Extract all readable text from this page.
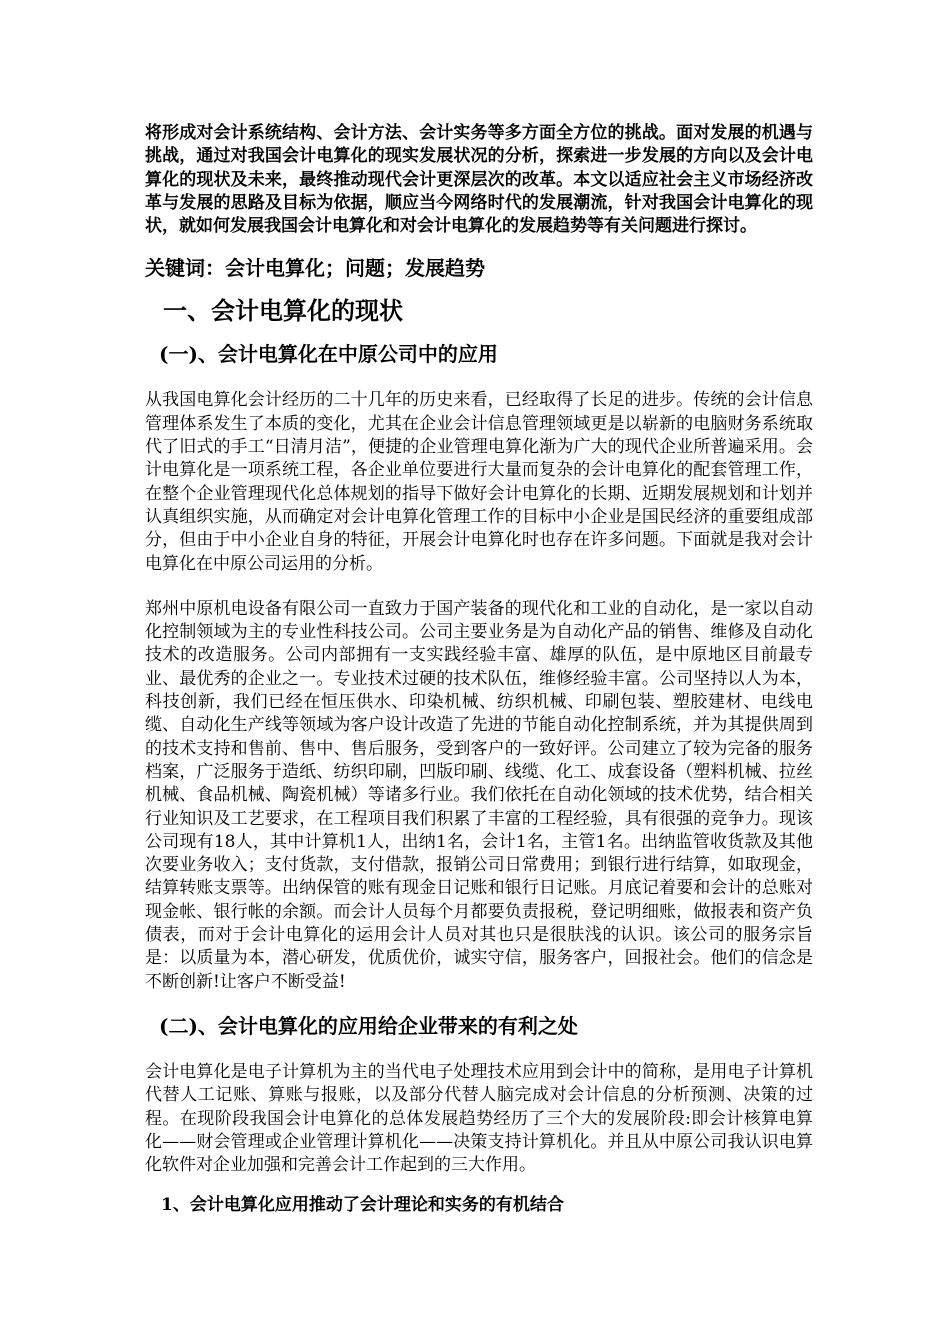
将形成对会计系统结构、会计方法、会计实务等多方面全方位的挑战。面对发展的机遇与挑战，通过对我国会计电算化的现实发展状况的分析，探索进一步发展的方向以及会计电算化的现状及未来，最终推动现代会计更深层次的改革。本文以适应社会主义市场经济改革与发展的思路及目标为依据，顺应当今网络时代的发展潮流，针对我国会计电算化的现状，就如何发展我国会计电算化和对会计电算化的发展趋势等有关问题进行探讨。

关键词：会计电算化；问题；发展趋势

一、会计电算化的现状

(一)、会计电算化在中原公司中的应用

从我国电算化会计经历的二十几年的历史来看，已经取得了长足的进步。传统的会计信息管理体系发生了本质的变化，尤其在企业会计信息管理领域更是以崭新的电脑财务系统取代了旧式的手工“日清月洁”，便捷的企业管理电算化渐为广大的现代企业所普遍采用。会计电算化是一项系统工程，各企业单位要进行大量而复杂的会计电算化的配套管理工作，在整个企业管理现代化总体规划的指导下做好会计电算化的长期、近期发展规划和计划并认真组织实施，从而确定对会计电算化管理工作的目标中小企业是国民经济的重要组成部分，但由于中小企业自身的特征，开展会计电算化时也存在许多问题。下面就是我对会计电算化在中原公司运用的分析。

郑州中原机电设备有限公司一直致力于国产装备的现代化和工业的自动化，是一家以自动化控制领域为主的专业性科技公司。公司主要业务是为自动化产品的销售、维修及自动化技术的改造服务。公司内部拥有一支实践经验丰富、雄厚的队伍，是中原地区目前最专业、最优秀的企业之一。专业技术过硬的技术队伍，维修经验丰富。公司坚持以人为本，科技创新，我们已经在恒压供水、印染机械、纺织机械、印刷包装、塑胶建材、电线电缆、自动化生产线等领域为客户设计改造了先进的节能自动化控制系统，并为其提供周到的技术支持和售前、售中、售后服务，受到客户的一致好评。公司建立了较为完备的服务档案，广泛服务于造纸、纺织印刷，凹版印刷、线缆、化工、成套设备（塑料机械、拉丝机械、食品机械、陶瓷机械）等诸多行业。我们依托在自动化领域的技术优势，结合相关行业知识及工艺要求，在工程项目我们积累了丰富的工程经验，具有很强的竞争力。现该公司现有18人，其中计算机1人，出纳1名，会计1名，主管1名。出纳监管收货款及其他次要业务收入；支付货款，支付借款，报销公司日常费用；到银行进行结算，如取现金，结算转账支票等。出纳保管的账有现金日记账和银行日记账。月底记着要和会计的总账对现金帐、银行帐的余额。而会计人员每个月都要负责报税，登记明细账，做报表和资产负债表，而对于会计电算化的运用会计人员对其也只是很肤浅的认识。该公司的服务宗旨是：以质量为本，潜心研发，优质优价，诚实守信，服务客户，回报社会。他们的信念是不断创新!让客户不断受益!

(二)、会计电算化的应用给企业带来的有利之处

会计电算化是电子计算机为主的当代电子处理技术应用到会计中的简称，是用电子计算机代替人工记账、算账与报账，以及部分代替人脑完成对会计信息的分析预测、决策的过程。在现阶段我国会计电算化的总体发展趋势经历了三个大的发展阶段:即会计核算电算化——财会管理或企业管理计算机化——决策支持计算机化。并且从中原公司我认识电算化软件对企业加强和完善会计工作起到的三大作用。

1、会计电算化应用推动了会计理论和实务的有机结合
